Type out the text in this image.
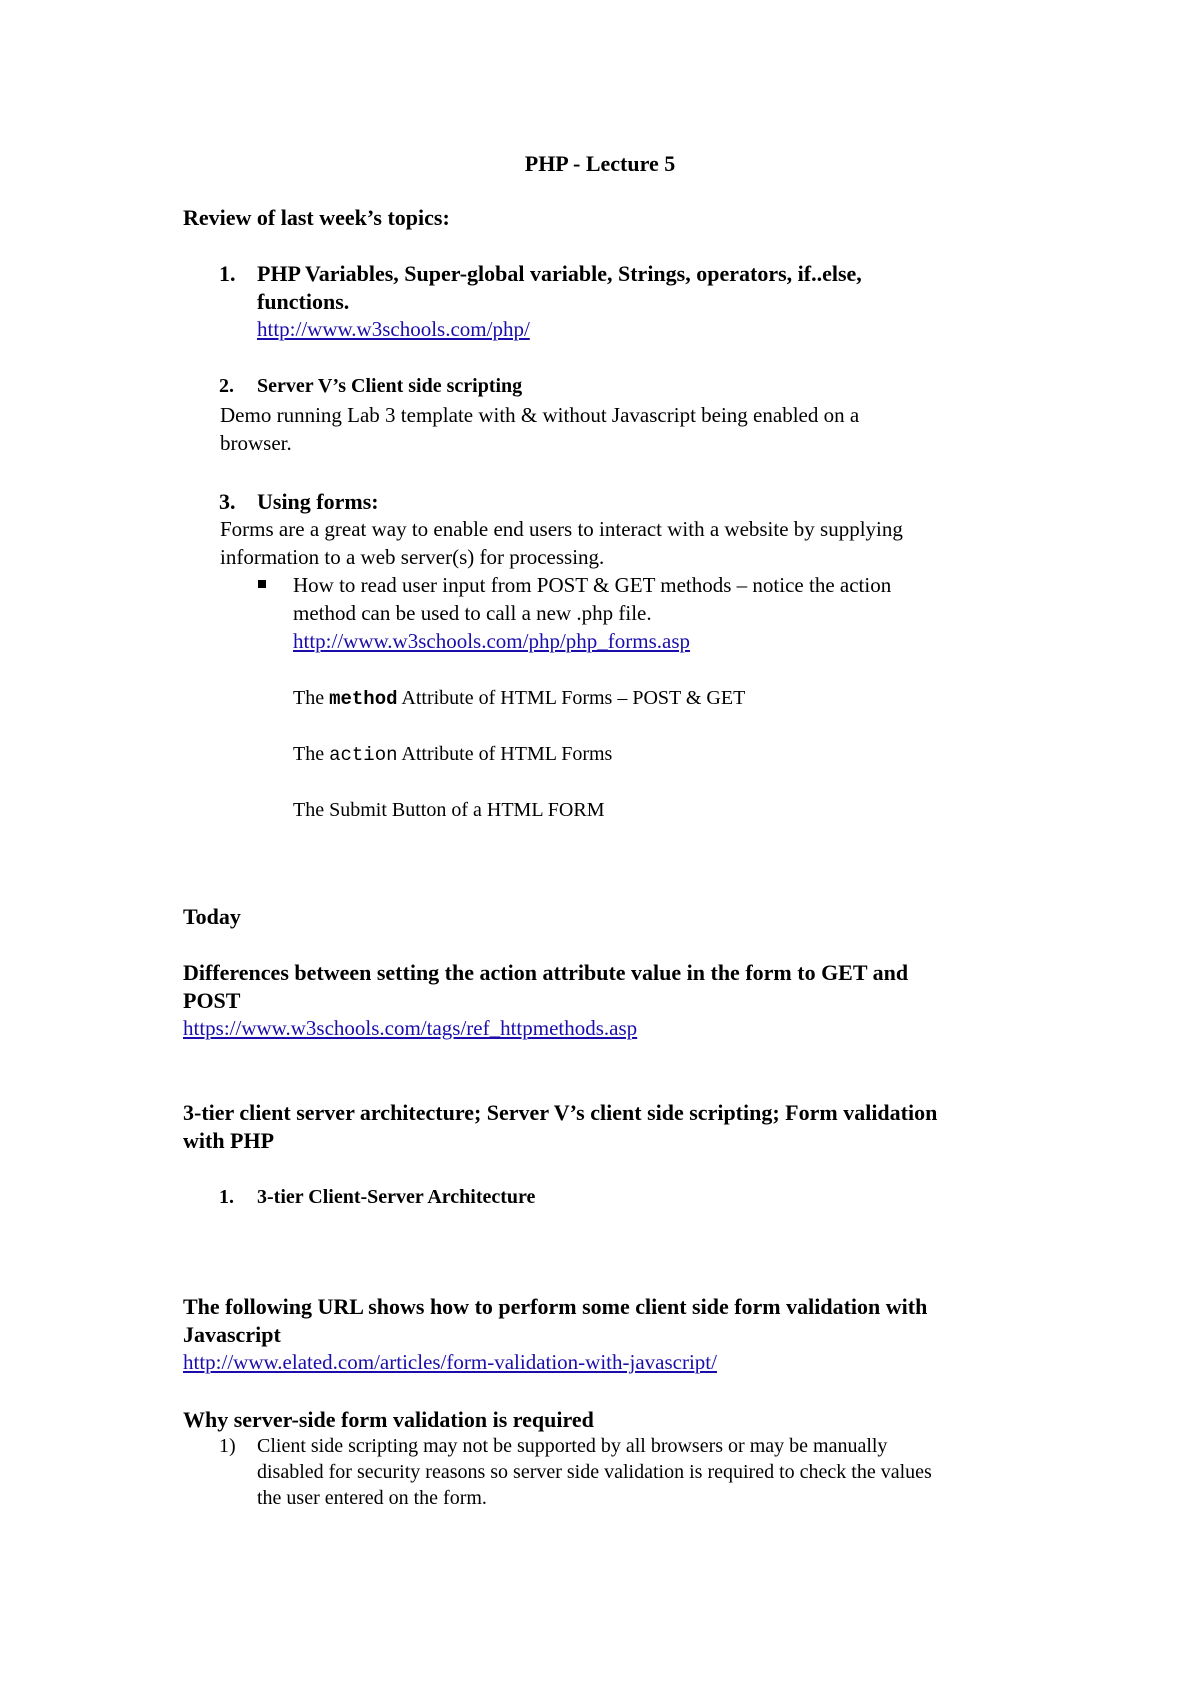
PHP - Lecture 5
Review of last week’s topics:
1. PHP Variables, Super-global variable, Strings, operators, if..else,
functions.
http://www.w3schools.com/php/
2. Server V’s Client side scripting
Demo running Lab 3 template with & without Javascript being enabled on a
browser.
3. Using forms:
Forms are a great way to enable end users to interact with a website by supplying
information to a web server(s) for processing.
How to read user input from POST & GET methods – notice the action
method can be used to call a new .php file.
http://www.w3schools.com/php/php_forms.asp
The method Attribute of HTML Forms – POST & GET
The action Attribute of HTML Forms
The Submit Button of a HTML FORM
Today
Differences between setting the action attribute value in the form to GET and
POST
https://www.w3schools.com/tags/ref_httpmethods.asp
3-tier client server architecture; Server V’s client side scripting; Form validation
with PHP
1. 3-tier Client-Server Architecture
The following URL shows how to perform some client side form validation with
Javascript
http://www.elated.com/articles/form-validation-with-javascript/
Why server-side form validation is required
1) Client side scripting may not be supported by all browsers or may be manually
disabled for security reasons so server side validation is required to check the values
the user entered on the form.
